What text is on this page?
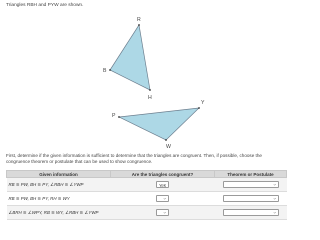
Triangles RBH and PYW are shown.
R
B
H
Y
P
W
First, determine if the given information is sufficient to determine that the triangles are congruent. Then, if possible, choose the congruence theorem or postulate that can be used to show congruence.
Given information	Are the triangles congruent?	Theorem or Postulate
RB ≅ PW, BH ≅ PY, ∠RBH ≅ ∠YWP	Yes

RB ≅ PW, BH ≅ PY, RH ≅ WY	

∠BRH ≅ ∠WPY, RB ≅ WY, ∠RBH ≅ ∠YWP	
